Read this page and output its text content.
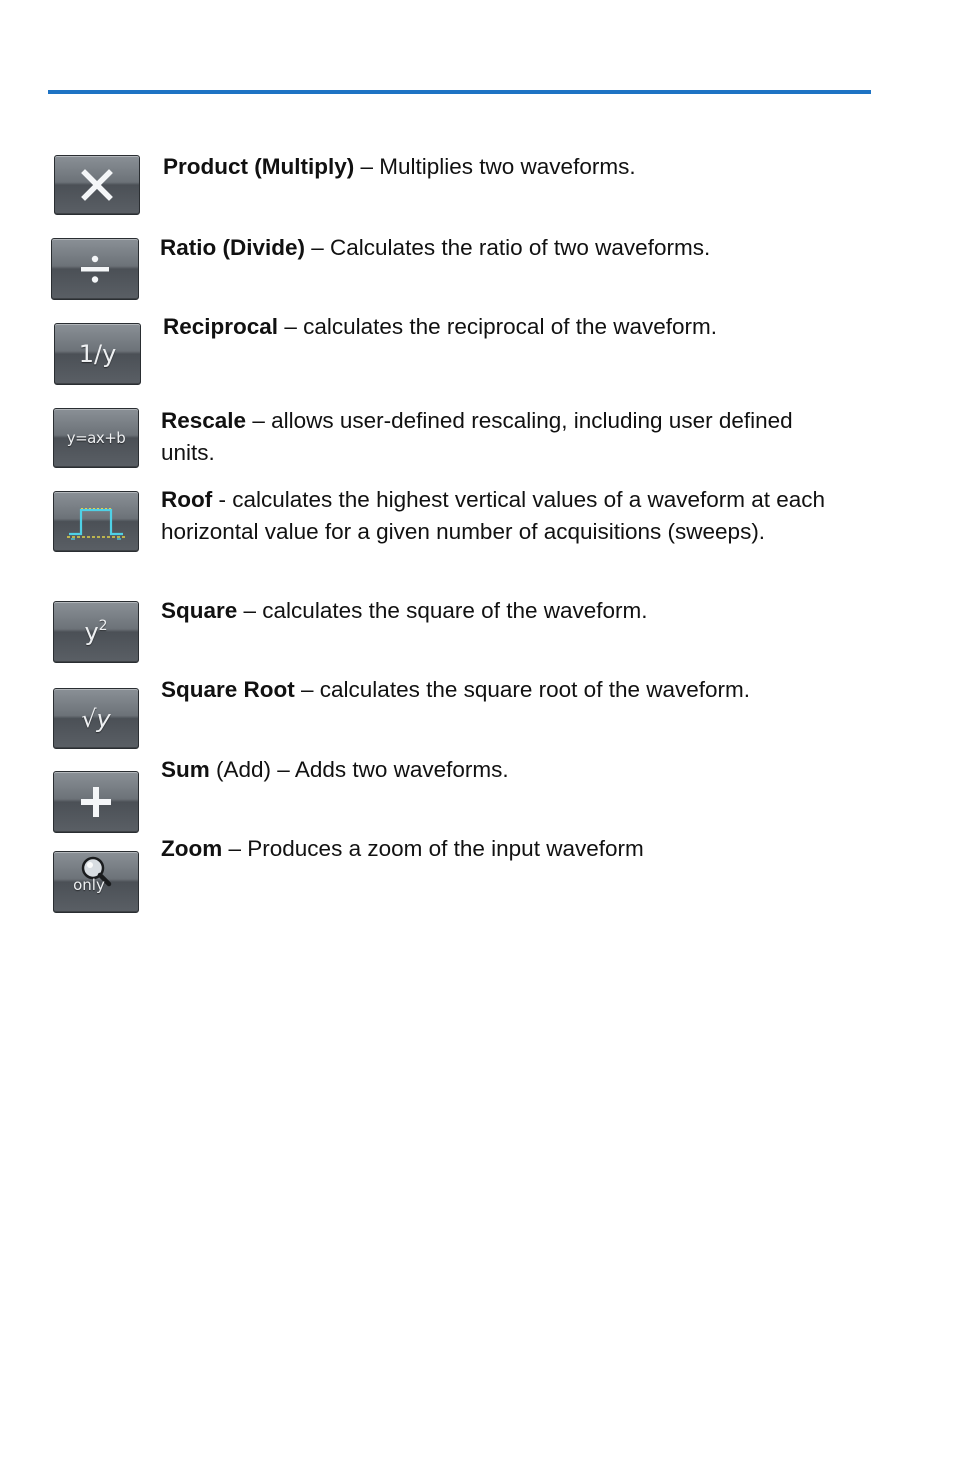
Product (Multiply) – Multiplies two waveforms.
Ratio (Divide) – Calculates the ratio of two waveforms.
1/y
Reciprocal – calculates the reciprocal of the waveform.
y=ax+b
Rescale – allows user-defined rescaling, including user defined units.
Roof - calculates the highest vertical values of a waveform at each horizontal value for a given number of acquisitions (sweeps).
$y^2$
Square – calculates the square of the waveform.
√y
Square Root – calculates the square root of the waveform.
Sum (Add) – Adds two waveforms.
only
Zoom – Produces a zoom of the input waveform
